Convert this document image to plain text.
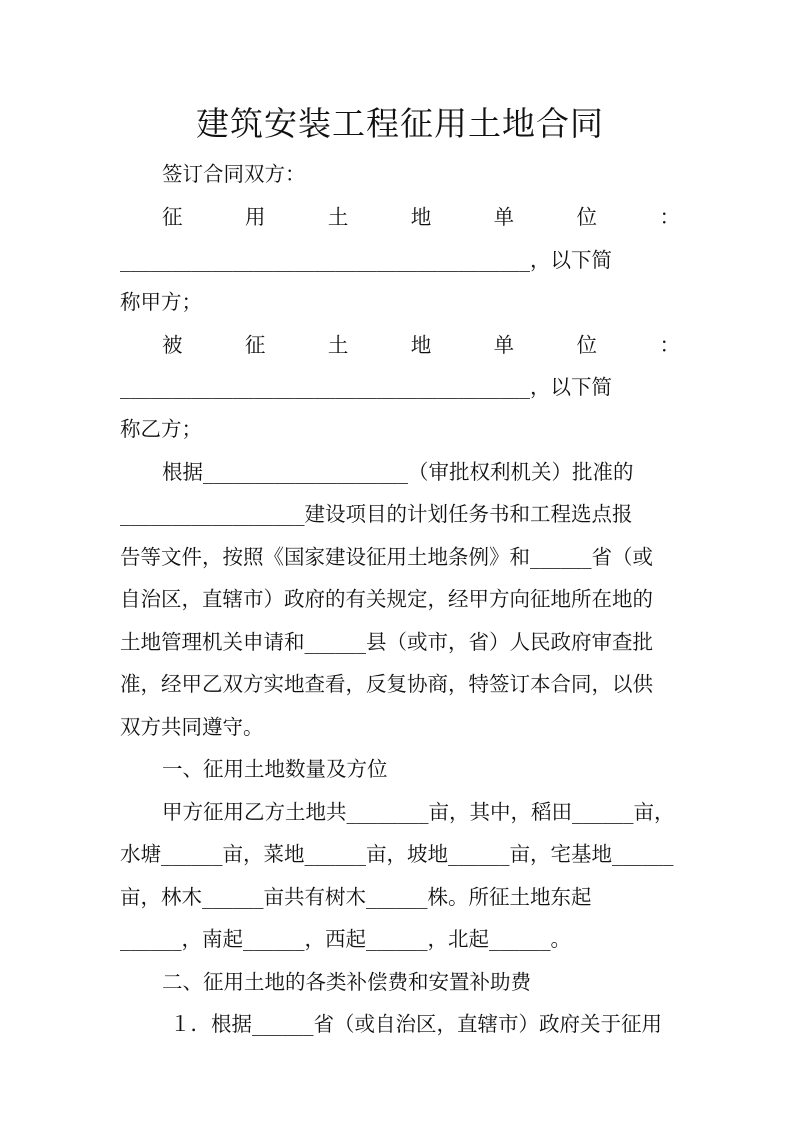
建筑安装工程征用土地合同
签订合同双方：
征	用	土	地	单	位	：
________________________________________，以下简
称甲方；
被	征	土	地	单	位	：
________________________________________，以下简
称乙方；
根据____________________（审批权利机关）批准的
__________________建设项目的计划任务书和工程选点报
告等文件，按照《国家建设征用土地条例》和______省（或
自治区，直辖市）政府的有关规定，经甲方向征地所在地的
土地管理机关申请和______县（或市，省）人民政府审查批
准，经甲乙双方实地查看，反复协商，特签订本合同，以供
双方共同遵守。
一、征用土地数量及方位
甲方征用乙方土地共________亩，其中，稻田______亩，
水塘______亩，菜地______亩，坡地______亩，宅基地______
亩，林木______亩共有树木______株。所征土地东起
______，南起______，西起______，北起______。
二、征用土地的各类补偿费和安置补助费
１．根据______省（或自治区，直辖市）政府关于征用
